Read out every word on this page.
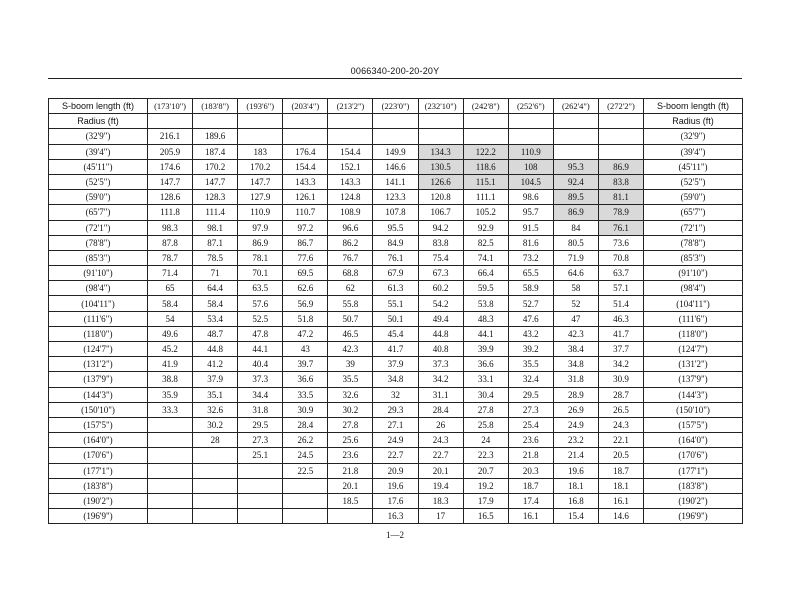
0066340-200-20-20Y
S-boom length (ft)	(173'10")	(183'8")	(193'6")	(203'4")	(213'2")	(223'0")	(232'10")	(242'8")	(252'6")	(262'4")	(272'2")	S-boom length (ft)
Radius (ft)												Radius (ft)
(32'9")	216.1	189.6										(32'9")
(39'4")	205.9	187.4	183	176.4	154.4	149.9	134.3	122.2	110.9			(39'4")
(45'11")	174.6	170.2	170.2	154.4	152.1	146.6	130.5	118.6	108	95.3	86.9	(45'11")
(52'5")	147.7	147.7	147.7	143.3	143.3	141.1	126.6	115.1	104.5	92.4	83.8	(52'5")
(59'0")	128.6	128.3	127.9	126.1	124.8	123.3	120.8	111.1	98.6	89.5	81.1	(59'0")
(65'7")	111.8	111.4	110.9	110.7	108.9	107.8	106.7	105.2	95.7	86.9	78.9	(65'7")
(72'1")	98.3	98.1	97.9	97.2	96.6	95.5	94.2	92.9	91.5	84	76.1	(72'1")
(78'8")	87.8	87.1	86.9	86.7	86.2	84.9	83.8	82.5	81.6	80.5	73.6	(78'8")
(85'3")	78.7	78.5	78.1	77.6	76.7	76.1	75.4	74.1	73.2	71.9	70.8	(85'3")
(91'10")	71.4	71	70.1	69.5	68.8	67.9	67.3	66.4	65.5	64.6	63.7	(91'10")
(98'4")	65	64.4	63.5	62.6	62	61.3	60.2	59.5	58.9	58	57.1	(98'4")
(104'11")	58.4	58.4	57.6	56.9	55.8	55.1	54.2	53.8	52.7	52	51.4	(104'11")
(111'6")	54	53.4	52.5	51.8	50.7	50.1	49.4	48.3	47.6	47	46.3	(111'6")
(118'0")	49.6	48.7	47.8	47.2	46.5	45.4	44.8	44.1	43.2	42.3	41.7	(118'0")
(124'7")	45.2	44.8	44.1	43	42.3	41.7	40.8	39.9	39.2	38.4	37.7	(124'7")
(131'2")	41.9	41.2	40.4	39.7	39	37.9	37.3	36.6	35.5	34.8	34.2	(131'2")
(137'9")	38.8	37.9	37.3	36.6	35.5	34.8	34.2	33.1	32.4	31.8	30.9	(137'9")
(144'3")	35.9	35.1	34.4	33.5	32.6	32	31.1	30.4	29.5	28.9	28.7	(144'3")
(150'10")	33.3	32.6	31.8	30.9	30.2	29.3	28.4	27.8	27.3	26.9	26.5	(150'10")
(157'5")		30.2	29.5	28.4	27.8	27.1	26	25.8	25.4	24.9	24.3	(157'5")
(164'0")		28	27.3	26.2	25.6	24.9	24.3	24	23.6	23.2	22.1	(164'0")
(170'6")			25.1	24.5	23.6	22.7	22.7	22.3	21.8	21.4	20.5	(170'6")
(177'1")				22.5	21.8	20.9	20.1	20.7	20.3	19.6	18.7	(177'1")
(183'8")					20.1	19.6	19.4	19.2	18.7	18.1	18.1	(183'8")
(190'2")					18.5	17.6	18.3	17.9	17.4	16.8	16.1	(190'2")
(196'9")						16.3	17	16.5	16.1	15.4	14.6	(196'9")
1—2
